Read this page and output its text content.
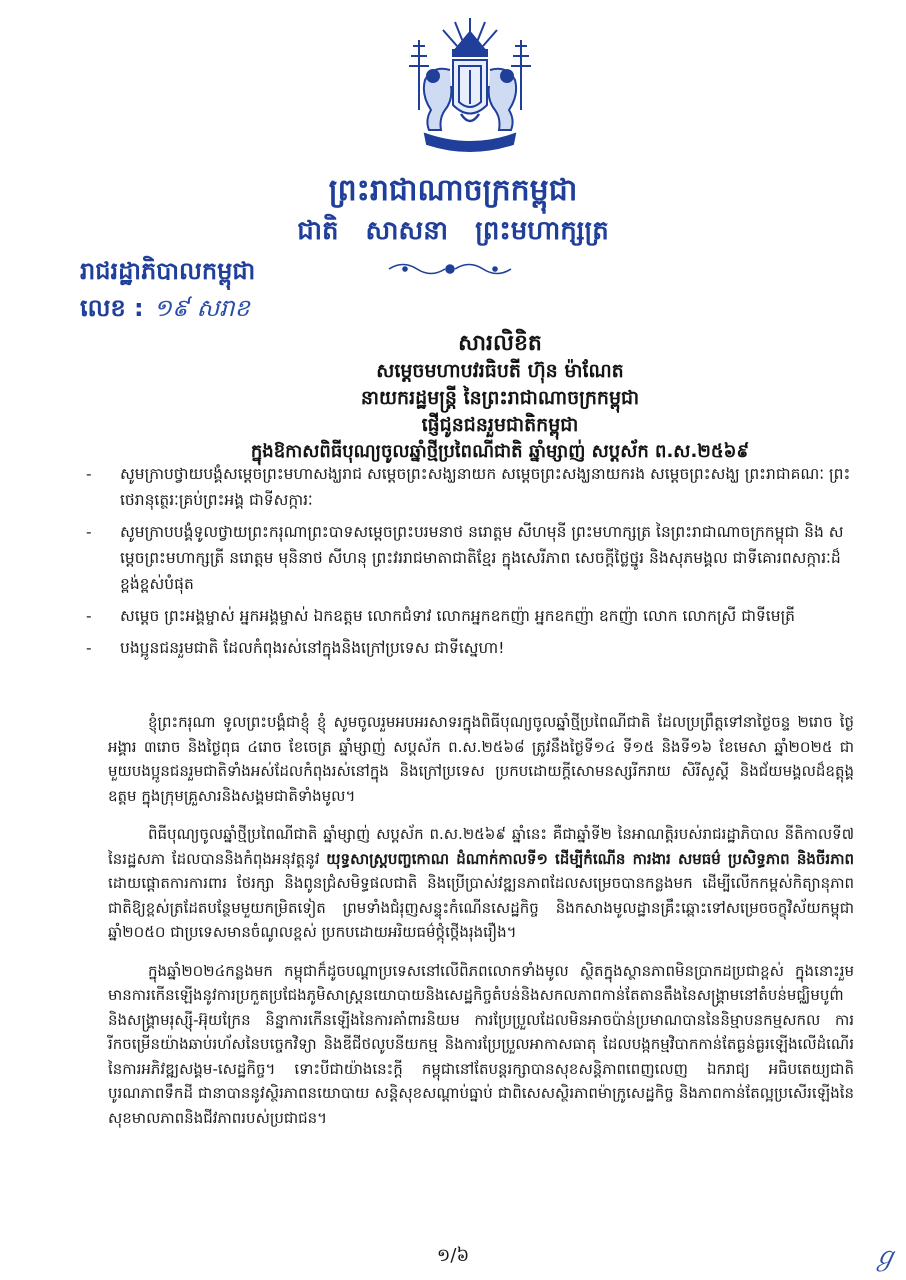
ព្រះរាជាណាចក្រកម្ពុជា
ជាតិ សាសនា ព្រះមហាក្សត្រ
រាជរដ្ឋាភិបាលកម្ពុជា
លេខ : ១៩ សរាខ
សារលិខិត
សម្តេចមហាបវរធិបតី ហ៊ុន ម៉ាណែត
នាយករដ្ឋមន្ត្រី នៃព្រះរាជាណាចក្រកម្ពុជា
ផ្ញើជូនជនរួមជាតិកម្ពុជា
ក្នុងឱកាសពិធីបុណ្យចូលឆ្នាំថ្មីប្រពៃណីជាតិ ឆ្នាំម្សាញ់ សប្តស័ក ព.ស.២៥៦៩
- សូមក្រាបថ្វាយបង្គំសម្តេចព្រះមហាសង្ឃរាជ សម្តេចព្រះសង្ឃនាយក សម្តេចព្រះសង្ឃនាយករង សម្តេចព្រះសង្ឃ ព្រះរាជាគណៈ ព្រះថេរានុត្ថេរៈគ្រប់ព្រះអង្គ ជាទីសក្ការៈ
- សូមក្រាបបង្គំទូលថ្វាយព្រះករុណាព្រះបាទសម្តេចព្រះបរមនាថ នរោត្តម សីហមុនី ព្រះមហាក្សត្រ នៃព្រះរាជាណាចក្រកម្ពុជា និង សម្តេចព្រះមហាក្សត្រី នរោត្តម មុនិនាថ សីហនុ ព្រះវររាជមាតាជាតិខ្មែរ ក្នុងសេរីភាព សេចក្តីថ្លៃថ្នូរ និងសុភមង្គល ជាទីគោរពសក្ការៈដ៏ខ្ពង់ខ្ពស់បំផុត
- សម្តេច ព្រះអង្គម្ចាស់ អ្នកអង្គម្ចាស់ ឯកឧត្តម លោកជំទាវ លោកអ្នកឧកញ៉ា អ្នកឧកញ៉ា ឧកញ៉ា លោក លោកស្រី ជាទីមេត្រី
- បងប្អូនជនរួមជាតិ ដែលកំពុងរស់នៅក្នុងនិងក្រៅប្រទេស ជាទីស្នេហា!

ខ្ញុំព្រះករុណា ទូលព្រះបង្គំជាខ្ញុំ ខ្ញុំ សូមចូលរួមអបអរសាទរក្នុងពិធីបុណ្យចូលឆ្នាំថ្មីប្រពៃណីជាតិ ដែលប្រព្រឹត្តទៅនាថ្ងៃចន្ទ ២រោច ថ្ងៃអង្គារ ៣រោច និងថ្ងៃពុធ ៤រោច ខែចេត្រ ឆ្នាំម្សាញ់ សប្តស័ក ព.ស.២៥៦៨ ត្រូវនឹងថ្ងៃទី១៤ ទី១៥ និងទី១៦ ខែមេសា ឆ្នាំ២០២៥ ជាមួយបងប្អូនជនរួមជាតិទាំងអស់ដែលកំពុងរស់នៅក្នុង និងក្រៅប្រទេស ប្រកបដោយក្តីសោមនស្សរីករាយ សិរីសួស្តី និងជ័យមង្គលដ៏ឧត្តុង្គឧត្តម ក្នុងក្រុមគ្រួសារនិងសង្គមជាតិទាំងមូល។

ពិធីបុណ្យចូលឆ្នាំថ្មីប្រពៃណីជាតិ ឆ្នាំម្សាញ់ សប្តស័ក ព.ស.២៥៦៩ ឆ្នាំនេះ គឺជាឆ្នាំទី២ នៃអាណត្តិរបស់រាជរដ្ឋាភិបាល នីតិកាលទី៧ នៃរដ្ឋសភា ដែលបាននិងកំពុងអនុវត្តនូវ យុទ្ធសាស្ត្របញ្ចកោណ ដំណាក់កាលទី១ ដើម្បីកំណើន ការងារ សមធម៌ ប្រសិទ្ធភាព និងចីរភាព ដោយផ្តោតការការពារ ថែរក្សា និងពូនជ្រំសមិទ្ធផលជាតិ និងប្រើប្រាស់វឌ្ឍនភាពដែលសម្រេចបានកន្លងមក ដើម្បីលើកកម្ពស់កិត្យានុភាពជាតិឱ្យខ្ពស់ត្រដែតបន្ថែមមួយកម្រិតទៀត ព្រមទាំងជំរុញសន្ទុះកំណើនសេដ្ឋកិច្ច និងកសាងមូលដ្ឋានគ្រឹះឆ្ពោះទៅសម្រេចចក្ខុវិស័យកម្ពុជាឆ្នាំ២០៥០ ជាប្រទេសមានចំណូលខ្ពស់ ប្រកបដោយអរិយធម៌ថ្កុំថ្កើងរុងរឿង។

ក្នុងឆ្នាំ២០២៤កន្លងមក កម្ពុជាក៏ដូចបណ្តាប្រទេសនៅលើពិភពលោកទាំងមូល ស្ថិតក្នុងស្ថានភាពមិនប្រាកដប្រជាខ្ពស់ ក្នុងនោះរួមមានការកើនឡើងនូវការប្រកួតប្រជែងភូមិសាស្ត្រនយោបាយនិងសេដ្ឋកិច្ចតំបន់និងសកលភាពកាន់តែតានតឹងនៃសង្គ្រាមនៅតំបន់មជ្ឈិមបូព៌ា និងសង្គ្រាមរុស្ស៊ី-អ៊ុយក្រែន និន្នាការកើនឡើងនៃការគាំពារនិយម ការប្រែប្រួលដែលមិនអាចប៉ាន់ប្រមាណបាននៃនិម្មាបនកម្មសកល ការរីកចម្រើនយ៉ាងឆាប់រហ័សនៃបច្ចេកវិទ្យា និងឌីជីថលូបនីយកម្ម និងការប្រែប្រួលអាកាសធាតុ ដែលបង្កកម្មវិបាកកាន់តែធ្ងន់ធ្ងរឡើងលើដំណើរនៃការអភិវឌ្ឍសង្គម-សេដ្ឋកិច្ច។ ទោះបីជាយ៉ាងនេះក្តី កម្ពុជានៅតែបន្តរក្សាបានសុខសន្តិភាពពេញលេញ ឯករាជ្យ អធិបតេយ្យជាតិ បូរណភាពទឹកដី ជានាបាននូវស្ថិរភាពនយោបាយ សន្តិសុខសណ្តាប់ធ្នាប់ ជាពិសេសស្ថិរភាពម៉ាក្រូសេដ្ឋកិច្ច និងភាពកាន់តែល្អប្រសើរឡើងនៃសុខមាលភាពនិងជីវភាពរបស់ប្រជាជន។

១/៦	ℊ
